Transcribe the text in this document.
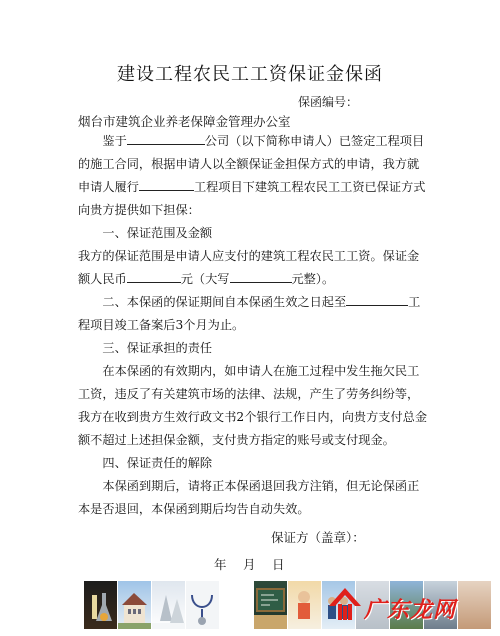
建设工程农民工工资保证金保函
保函编号：
烟台市建筑企业养老保障金管理办公室

鉴于	公司（以下简称申请人）已签定工程项目的施工合同，根据申请人以全额保证金担保方式的申请，我方就申请人履行	工程项目下建筑工程农民工工资已保证方式向贵方提供如下担保：

一、保证范围及金额

我方的保证范围是申请人应支付的建筑工程农民工工资。保证金额人民币	元（大写	元整）。

二、本保函的保证期间自本保函生效之日起至	工程项目竣工备案后3个月为止。

三、保证承担的责任

在本保函的有效期内，如申请人在施工过程中发生拖欠民工工资，违反了有关建筑市场的法律、法规，产生了劳务纠纷等，我方在收到贵方生效行政文书2个银行工作日内，向贵方支付总金额不超过上述担保金额，支付贵方指定的账号或支付现金。

四、保证责任的解除

本保函到期后，请将正本保函退回我方注销，但无论保函正本是否退回，本保函到期后均告自动失效。

保证方（盖章）：
年　月　日
广东龙网
